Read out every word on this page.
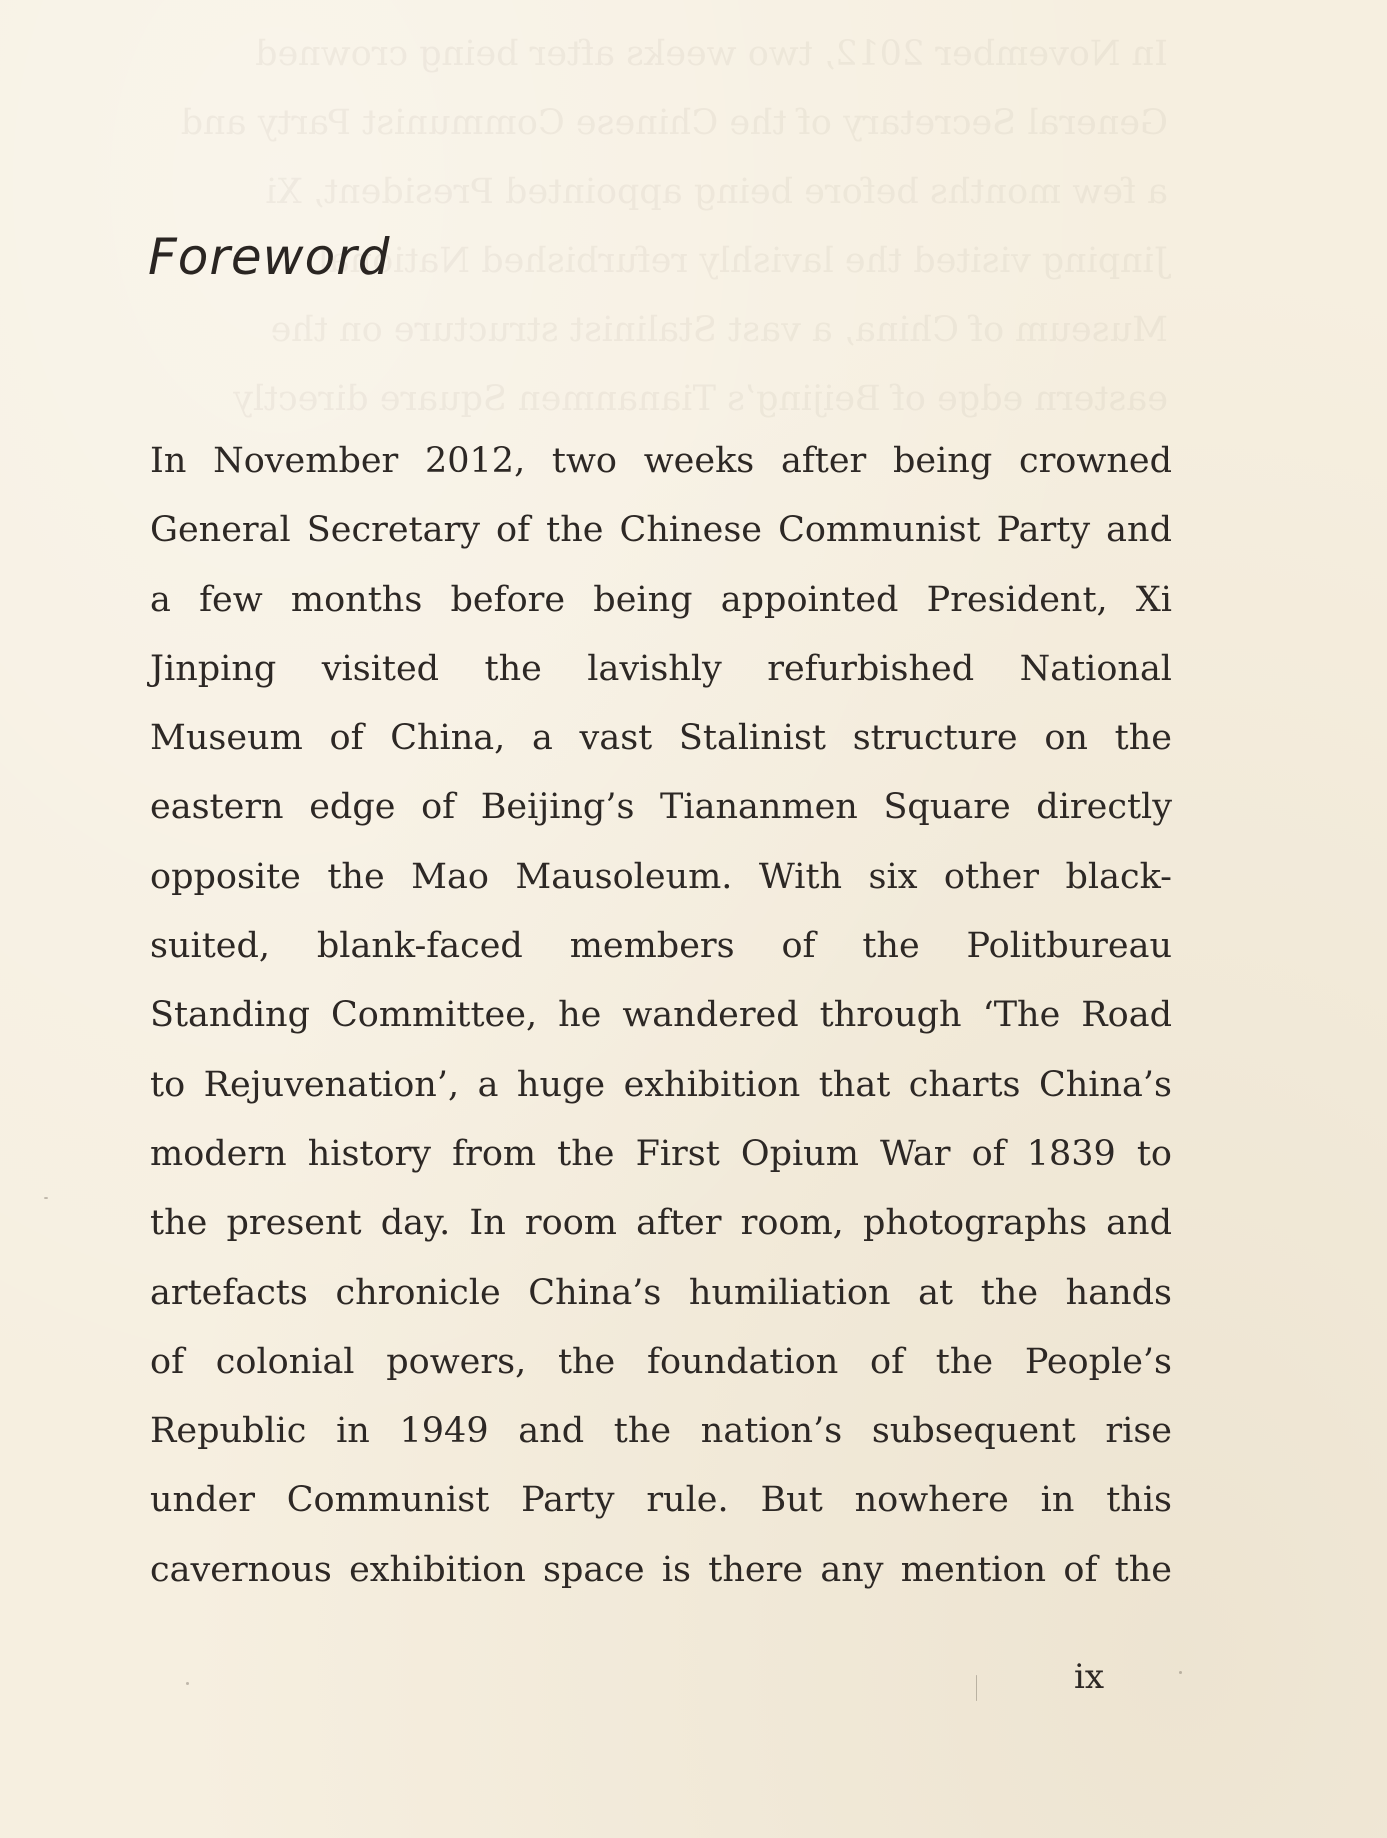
In November 2012, two weeks after being crowned
General Secretary of the Chinese Communist Party and
a few months before being appointed President, Xi
Jinping visited the lavishly refurbished National
Museum of China, a vast Stalinist structure on the
eastern edge of Beijing’s Tiananmen Square directly
Foreword
In November 2012, two weeks after being crowned
General Secretary of the Chinese Communist Party and
a few months before being appointed President, Xi
Jinping visited the lavishly refurbished National
Museum of China, a vast Stalinist structure on the
eastern edge of Beijing’s Tiananmen Square directly
opposite the Mao Mausoleum. With six other black-
suited, blank-faced members of the Politbureau
Standing Committee, he wandered through ‘The Road
to Rejuvenation’, a huge exhibition that charts China’s
modern history from the First Opium War of 1839 to
the present day. In room after room, photographs and
artefacts chronicle China’s humiliation at the hands
of colonial powers, the foundation of the People’s
Republic in 1949 and the nation’s subsequent rise
under Communist Party rule. But nowhere in this
cavernous exhibition space is there any mention of the
ix
